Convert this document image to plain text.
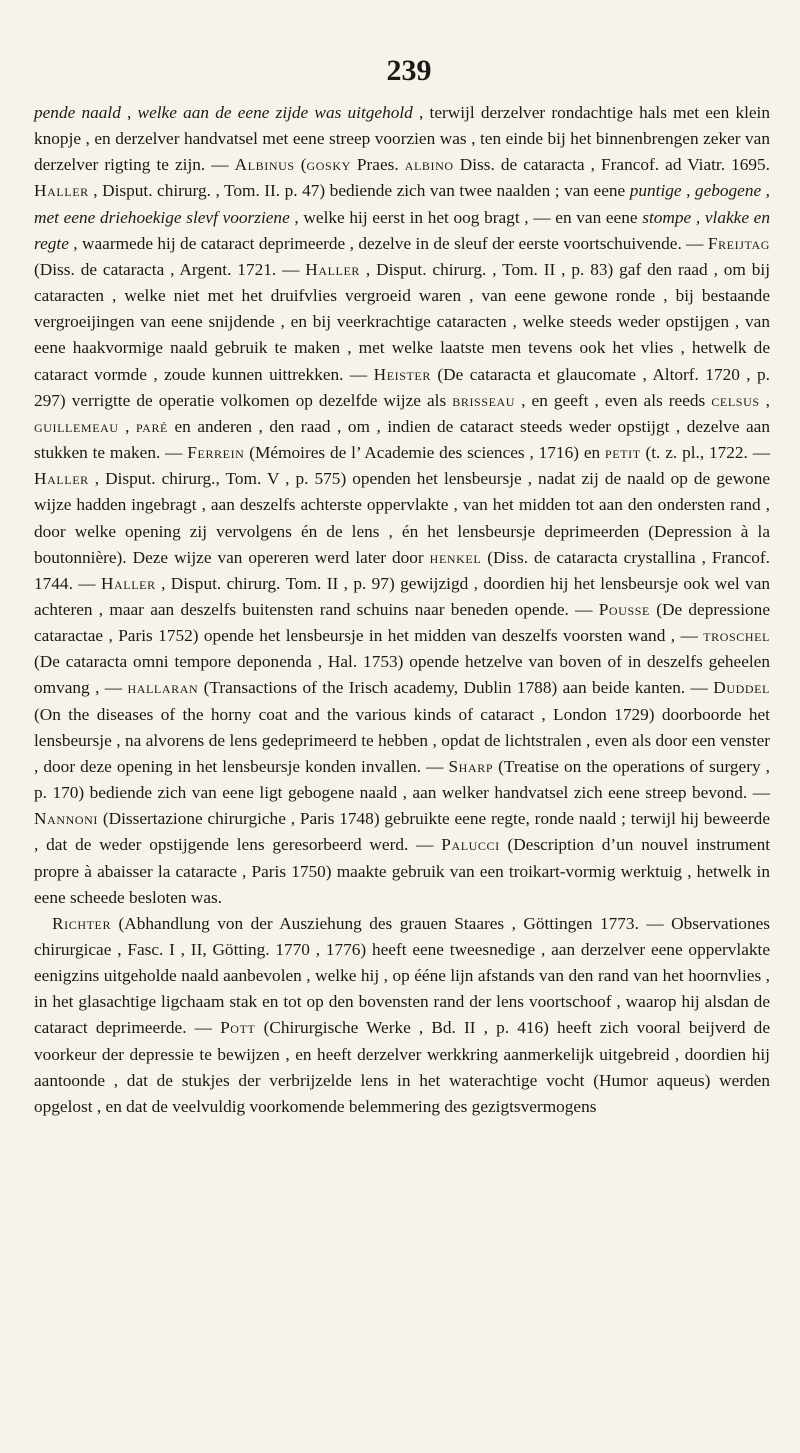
239

pende naald , welke aan de eene zijde was uitgehold , terwijl derzelver rondachtige hals met een klein knopje , en derzelver handvatsel met eene streep voorzien was , ten einde bij het binnenbrengen zeker van derzelver rigting te zijn. — Albinus (gosky Praes. albino Diss. de cataracta , Francof. ad Viatr. 1695. Haller , Disput. chirurg. , Tom. II. p. 47) bediende zich van twee naalden ; van eene puntige , gebogene , met eene driehoekige slevf voorziene , welke hij eerst in het oog bragt , — en van eene stompe , vlakke en regte , waarmede hij de cataract deprimeerde , dezelve in de sleuf der eerste voortschuivende. — Freijtag (Diss. de cataracta , Argent. 1721. — Haller , Disput. chirurg. , Tom. II , p. 83) gaf den raad , om bij cataracten , welke niet met het druifvlies vergroeid waren , van eene gewone ronde , bij bestaande vergroeijingen van eene snijdende , en bij veerkrachtige cataracten , welke steeds weder opstijgen , van eene haakvormige naald gebruik te maken , met welke laatste men tevens ook het vlies , hetwelk de cataract vormde , zoude kunnen uittrekken. — Heister (De cataracta et glaucomate , Altorf. 1720 , p. 297) verrigtte de operatie volkomen op dezelfde wijze als brisseau , en geeft , even als reeds celsus , guillemeau , paré en anderen , den raad , om , indien de cataract steeds weder opstijgt , dezelve aan stukken te maken. — Ferrein (Mémoires de l’ Academie des sciences , 1716) en petit (t. z. pl., 1722. — Haller , Disput. chirurg., Tom. V , p. 575) openden het lensbeursje , nadat zij de naald op de gewone wijze hadden ingebragt , aan deszelfs achterste oppervlakte , van het midden tot aan den ondersten rand , door welke opening zij vervolgens én de lens , én het lensbeursje deprimeerden (Depression à la boutonnière). Deze wijze van opereren werd later door henkel (Diss. de cataracta crystallina , Francof. 1744. — Haller , Disput. chirurg. Tom. II , p. 97) gewijzigd , doordien hij het lensbeursje ook wel van achteren , maar aan deszelfs buitensten rand schuins naar beneden opende. — Pousse (De depressione cataractae , Paris 1752) opende het lensbeursje in het midden van deszelfs voorsten wand , — troschel (De cataracta omni tempore deponenda , Hal. 1753) opende hetzelve van boven of in deszelfs geheelen omvang , — hallaran (Transactions of the Irisch academy, Dublin 1788) aan beide kanten. — Duddel (On the diseases of the horny coat and the various kinds of cataract , London 1729) doorboorde het lensbeursje , na alvorens de lens gedeprimeerd te hebben , opdat de lichtstralen , even als door een venster , door deze opening in het lensbeursje konden invallen. — Sharp (Treatise on the operations of surgery , p. 170) bediende zich van eene ligt gebogene naald , aan welker handvatsel zich eene streep bevond. — Nannoni (Dissertazione chirurgiche , Paris 1748) gebruikte eene regte, ronde naald ; terwijl hij beweerde , dat de weder opstijgende lens geresorbeerd werd. — Palucci (Description d’un nouvel instrument propre à abaisser la cataracte , Paris 1750) maakte gebruik van een troikart-vormig werktuig , hetwelk in eene scheede besloten was.

Richter (Abhandlung von der Ausziehung des grauen Staares , Göttingen 1773. — Observationes chirurgicae , Fasc. I , II, Götting. 1770 , 1776) heeft eene tweesnedige , aan derzelver eene oppervlakte eenigzins uitgeholde naald aanbevolen , welke hij , op ééne lijn afstands van den rand van het hoornvlies , in het glasachtige ligchaam stak en tot op den bovensten rand der lens voortschoof , waarop hij alsdan de cataract deprimeerde. — Pott (Chirurgische Werke , Bd. II , p. 416) heeft zich vooral beijverd de voorkeur der depressie te bewijzen , en heeft derzelver werkkring aanmerkelijk uitgebreid , doordien hij aantoonde , dat de stukjes der verbrijzelde lens in het waterachtige vocht (Humor aqueus) werden opgelost , en dat de veelvuldig voorkomende belemmering des gezigtsvermogens
